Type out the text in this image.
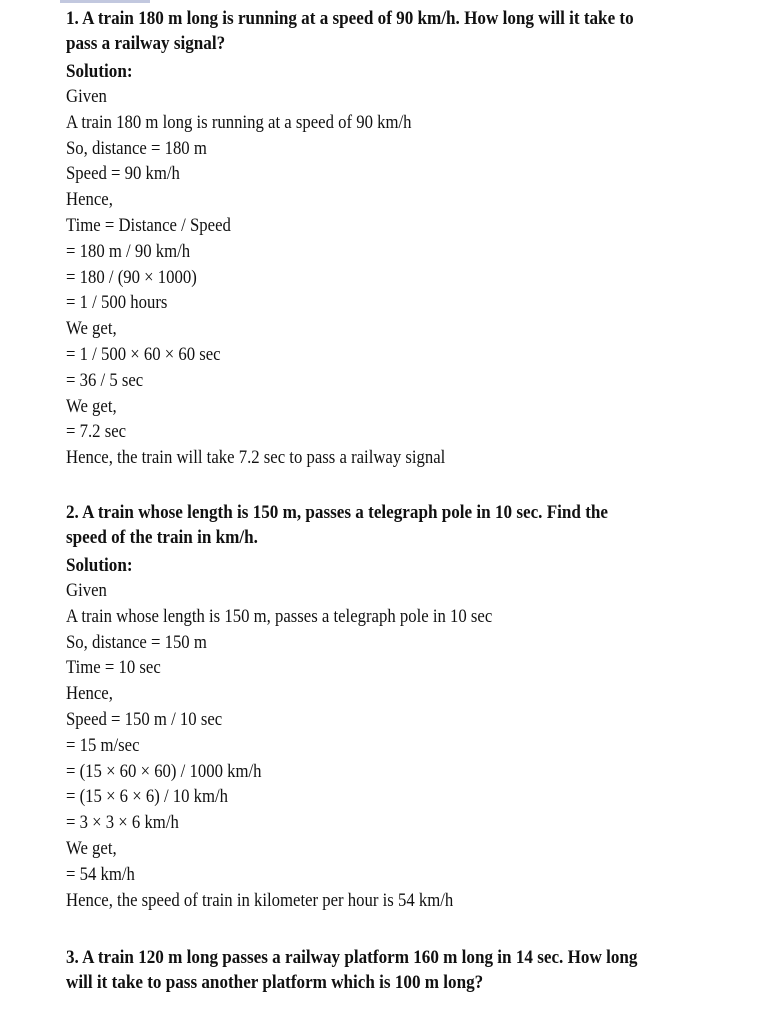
1. A train 180 m long is running at a speed of 90 km/h. How long will it take to pass a railway signal?
Solution:
Given
A train 180 m long is running at a speed of 90 km/h
So, distance = 180 m
Speed = 90 km/h
Hence,
Time = Distance / Speed
= 180 m / 90 km/h
= 180 / (90 × 1000)
= 1 / 500 hours
We get,
= 1 / 500 × 60 × 60 sec
= 36 / 5 sec
We get,
= 7.2 sec
Hence, the train will take 7.2 sec to pass a railway signal
2. A train whose length is 150 m, passes a telegraph pole in 10 sec. Find the speed of the train in km/h.
Solution:
Given
A train whose length is 150 m, passes a telegraph pole in 10 sec
So, distance = 150 m
Time = 10 sec
Hence,
Speed = 150 m / 10 sec
= 15 m/sec
= (15 × 60 × 60) / 1000 km/h
= (15 × 6 × 6) / 10 km/h
= 3 × 3 × 6 km/h
We get,
= 54 km/h
Hence, the speed of train in kilometer per hour is 54 km/h
3. A train 120 m long passes a railway platform 160 m long in 14 sec. How long will it take to pass another platform which is 100 m long?
